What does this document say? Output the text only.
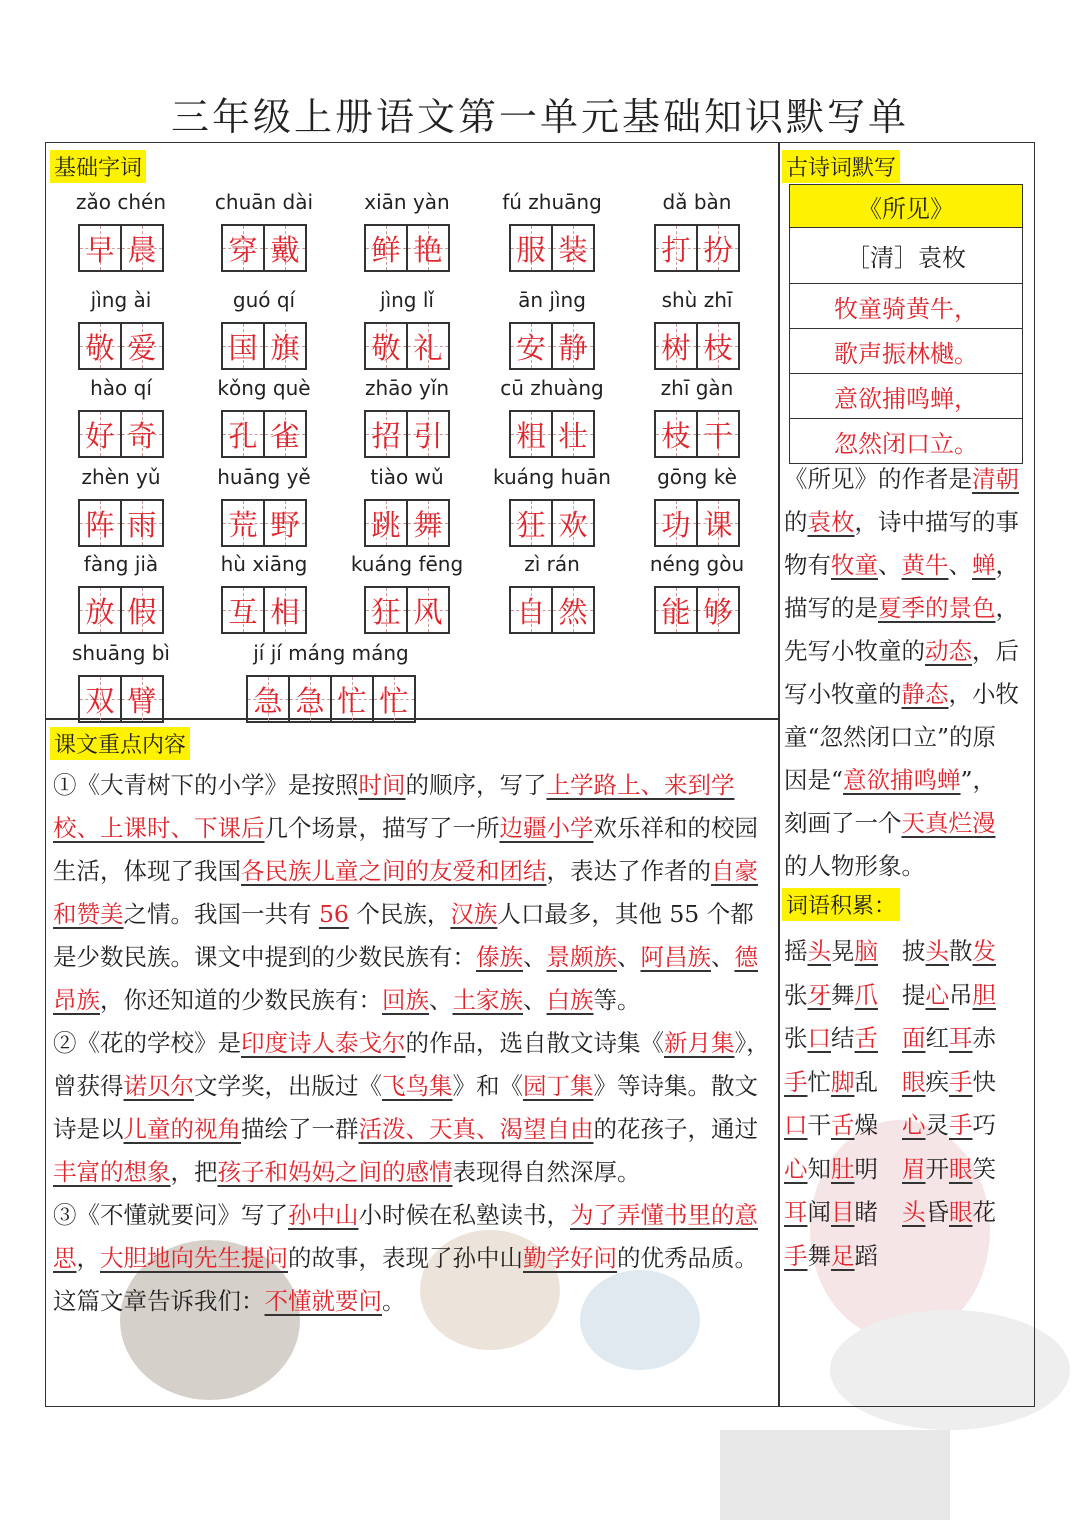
三年级上册语文第一单元基础知识默写单
基础字词
zǎo chén
早 晨
chuān dài
穿 戴
xiān yàn
鲜 艳
fú zhuāng
服 装
dǎ bàn
打 扮
jìng ài
敬 爱
guó qí
国 旗
jìng lǐ
敬 礼
ān jìng
安 静
shù zhī
树 枝
hào qí
好 奇
kǒng què
孔 雀
zhāo yǐn
招 引
cū zhuàng
粗 壮
zhī gàn
枝 干
zhèn yǔ
阵 雨
huāng yě
荒 野
tiào wǔ
跳 舞
kuáng huān
狂 欢
gōng kè
功 课
fàng jià
放 假
hù xiāng
互 相
kuáng fēng
狂 风
zì rán
自 然
néng gòu
能 够
shuāng bì
双 臂
jí jí máng máng
急 急 忙 忙
古诗词默写
《所见》
［清］袁枚
牧童骑黄牛，
歌声振林樾。
意欲捕鸣蝉，
忽然闭口立。
《所见》的作者是清朝
的袁枚，诗中描写的事
物有牧童、黄牛、蝉，
描写的是夏季的景色，
先写小牧童的动态，后
写小牧童的静态，小牧
童“忽然闭口立”的原
因是“意欲捕鸣蝉”，
刻画了一个天真烂漫
的人物形象。
词语积累：
摇头晃脑 披头散发
张牙舞爪 提心吊胆
张口结舌 面红耳赤
手忙脚乱 眼疾手快
口干舌燥 心灵手巧
心知肚明 眉开眼笑
耳闻目睹 头昏眼花
手舞足蹈
课文重点内容
①《大青树下的小学》是按照时间的顺序，写了上学路上、来到学校、上课时、下课后几个场景，描写了一所边疆小学欢乐祥和的校园生活，体现了我国各民族儿童之间的友爱和团结，表达了作者的自豪和赞美之情。我国一共有 56 个民族，汉族人口最多，其他 55 个都是少数民族。课文中提到的少数民族有：傣族、景颇族、阿昌族、德昂族，你还知道的少数民族有：回族、土家族、白族等。
②《花的学校》是印度诗人泰戈尔的作品，选自散文诗集《新月集》，曾获得诺贝尔文学奖，出版过《飞鸟集》和《园丁集》等诗集。散文诗是以儿童的视角描绘了一群活泼、天真、渴望自由的花孩子，通过丰富的想象，把孩子和妈妈之间的感情表现得自然深厚。
③《不懂就要问》写了孙中山小时候在私塾读书，为了弄懂书里的意思，大胆地向先生提问的故事，表现了孙中山勤学好问的优秀品质。这篇文章告诉我们：不懂就要问。
